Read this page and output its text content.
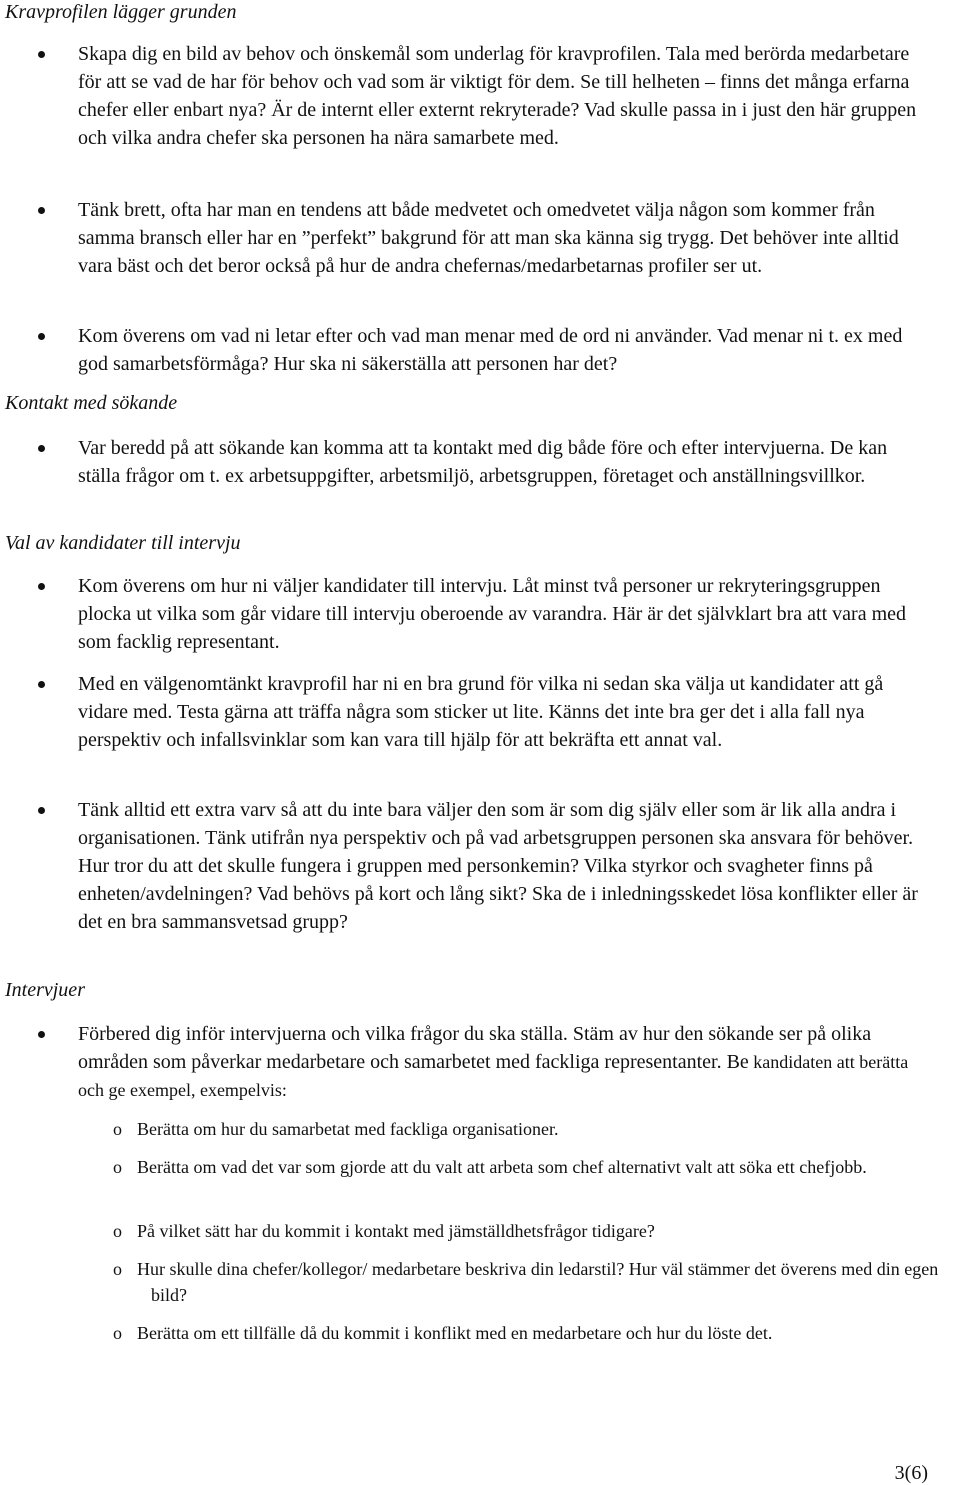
Kravprofilen lägger grunden
Skapa dig en bild av behov och önskemål som underlag för kravprofilen. Tala med berörda medarbetare för att se vad de har för behov och vad som är viktigt för dem. Se till helheten – finns det många erfarna chefer eller enbart nya? Är de internt eller externt rekryterade? Vad skulle passa in i just den här gruppen och vilka andra chefer ska personen ha nära samarbete med.
Tänk brett, ofta har man en tendens att både medvetet och omedvetet välja någon som kommer från samma bransch eller har en ”perfekt” bakgrund för att man ska känna sig trygg. Det behöver inte alltid vara bäst och det beror också på hur de andra chefernas/medarbetarnas profiler ser ut.
Kom överens om vad ni letar efter och vad man menar med de ord ni använder. Vad menar ni t. ex med god samarbetsförmåga? Hur ska ni säkerställa att personen har det?
Kontakt med sökande
Var beredd på att sökande kan komma att ta kontakt med dig både före och efter intervjuerna. De kan ställa frågor om t. ex arbetsuppgifter, arbetsmiljö, arbetsgruppen, företaget och anställningsvillkor.
Val av kandidater till intervju
Kom överens om hur ni väljer kandidater till intervju. Låt minst två personer ur rekryteringsgruppen plocka ut vilka som går vidare till intervju oberoende av varandra. Här är det självklart bra att vara med som facklig representant.
Med en välgenomtänkt kravprofil har ni en bra grund för vilka ni sedan ska välja ut kandidater att gå vidare med. Testa gärna att träffa några som sticker ut lite. Känns det inte bra ger det i alla fall nya perspektiv och infallsvinklar som kan vara till hjälp för att bekräfta ett annat val.
Tänk alltid ett extra varv så att du inte bara väljer den som är som dig själv eller som är lik alla andra i organisationen. Tänk utifrån nya perspektiv och på vad arbetsgruppen personen ska ansvara för behöver. Hur tror du att det skulle fungera i gruppen med personkemin? Vilka styrkor och svagheter finns på enheten/avdelningen? Vad behövs på kort och lång sikt? Ska de i inledningsskedet lösa konflikter eller är det en bra sammansvetsad grupp?
Intervjuer
Förbered dig inför intervjuerna och vilka frågor du ska ställa. Stäm av hur den sökande ser på olika områden som påverkar medarbetare och samarbetet med fackliga representanter. Be kandidaten att berätta och ge exempel, exempelvis:
o Berätta om hur du samarbetat med fackliga organisationer.
o Berätta om vad det var som gjorde att du valt att arbeta som chef alternativt valt att söka ett chefjobb.
o På vilket sätt har du kommit i kontakt med jämställdhetsfrågor tidigare?
o Hur skulle dina chefer/kollegor/ medarbetare beskriva din ledarstil? Hur väl stämmer det överens med din egen bild?
o Berätta om ett tillfälle då du kommit i konflikt med en medarbetare och hur du löste det.
3(6)
